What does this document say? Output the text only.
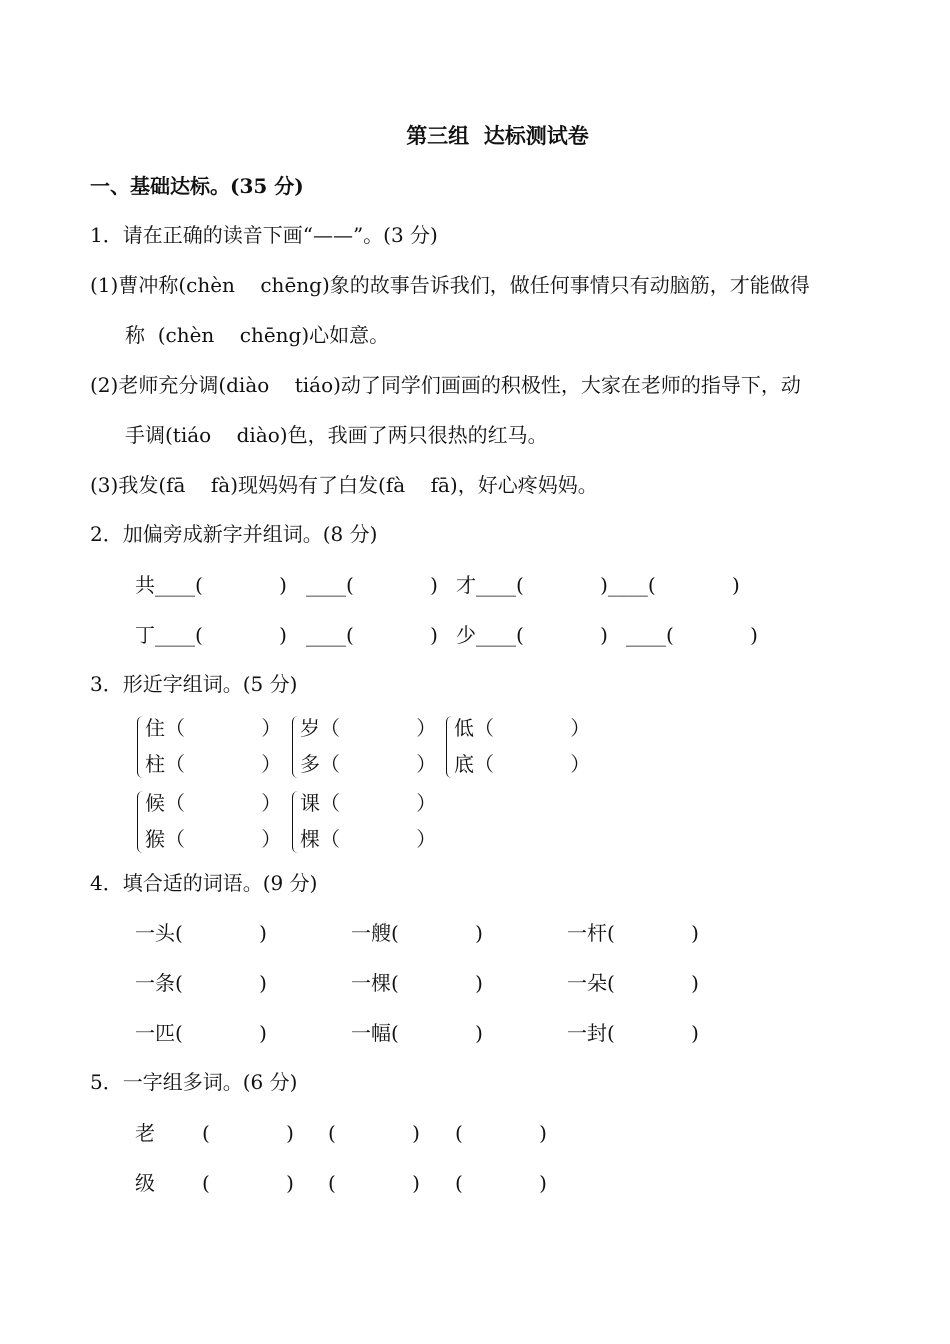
第三组  达标测试卷
一、基础达标。(35 分)
1．请在正确的读音下画“——”。(3 分)
(1)曹冲称(chèn    chēng)象的故事告诉我们，做任何事情只有动脑筋，才能做得
称  (chèn    chēng)心如意。
(2)老师充分调(diào    tiáo)动了同学们画画的积极性，大家在老师的指导下，动
手调(tiáo    diào)色，我画了两只很热的红马。
(3)我发(fā    fà)现妈妈有了白发(fà    fā)，好心疼妈妈。
2．加偏旁成新字并组词。(8 分)
共____(            ) ____(            ) 才____(            )____(            )
丁____(            ) ____(            ) 少____(            ) ____(            )
3．形近字组词。(5 分)
住（            ）
柱（            ）
岁（            ）
多（            ）
低（            ）
底（            ）
候（            ）
猴（            ）
课（            ）
棵（            ）
4．填合适的词语。(9 分)
一头(            )	一艘(            )	一杆(            )
一条(            )	一棵(            )	一朵(            )
一匹(            )	一幅(            )	一封(            )
5．一字组多词。(6 分)
老 (            ) (            ) (            )
级 (            ) (            ) (            )
